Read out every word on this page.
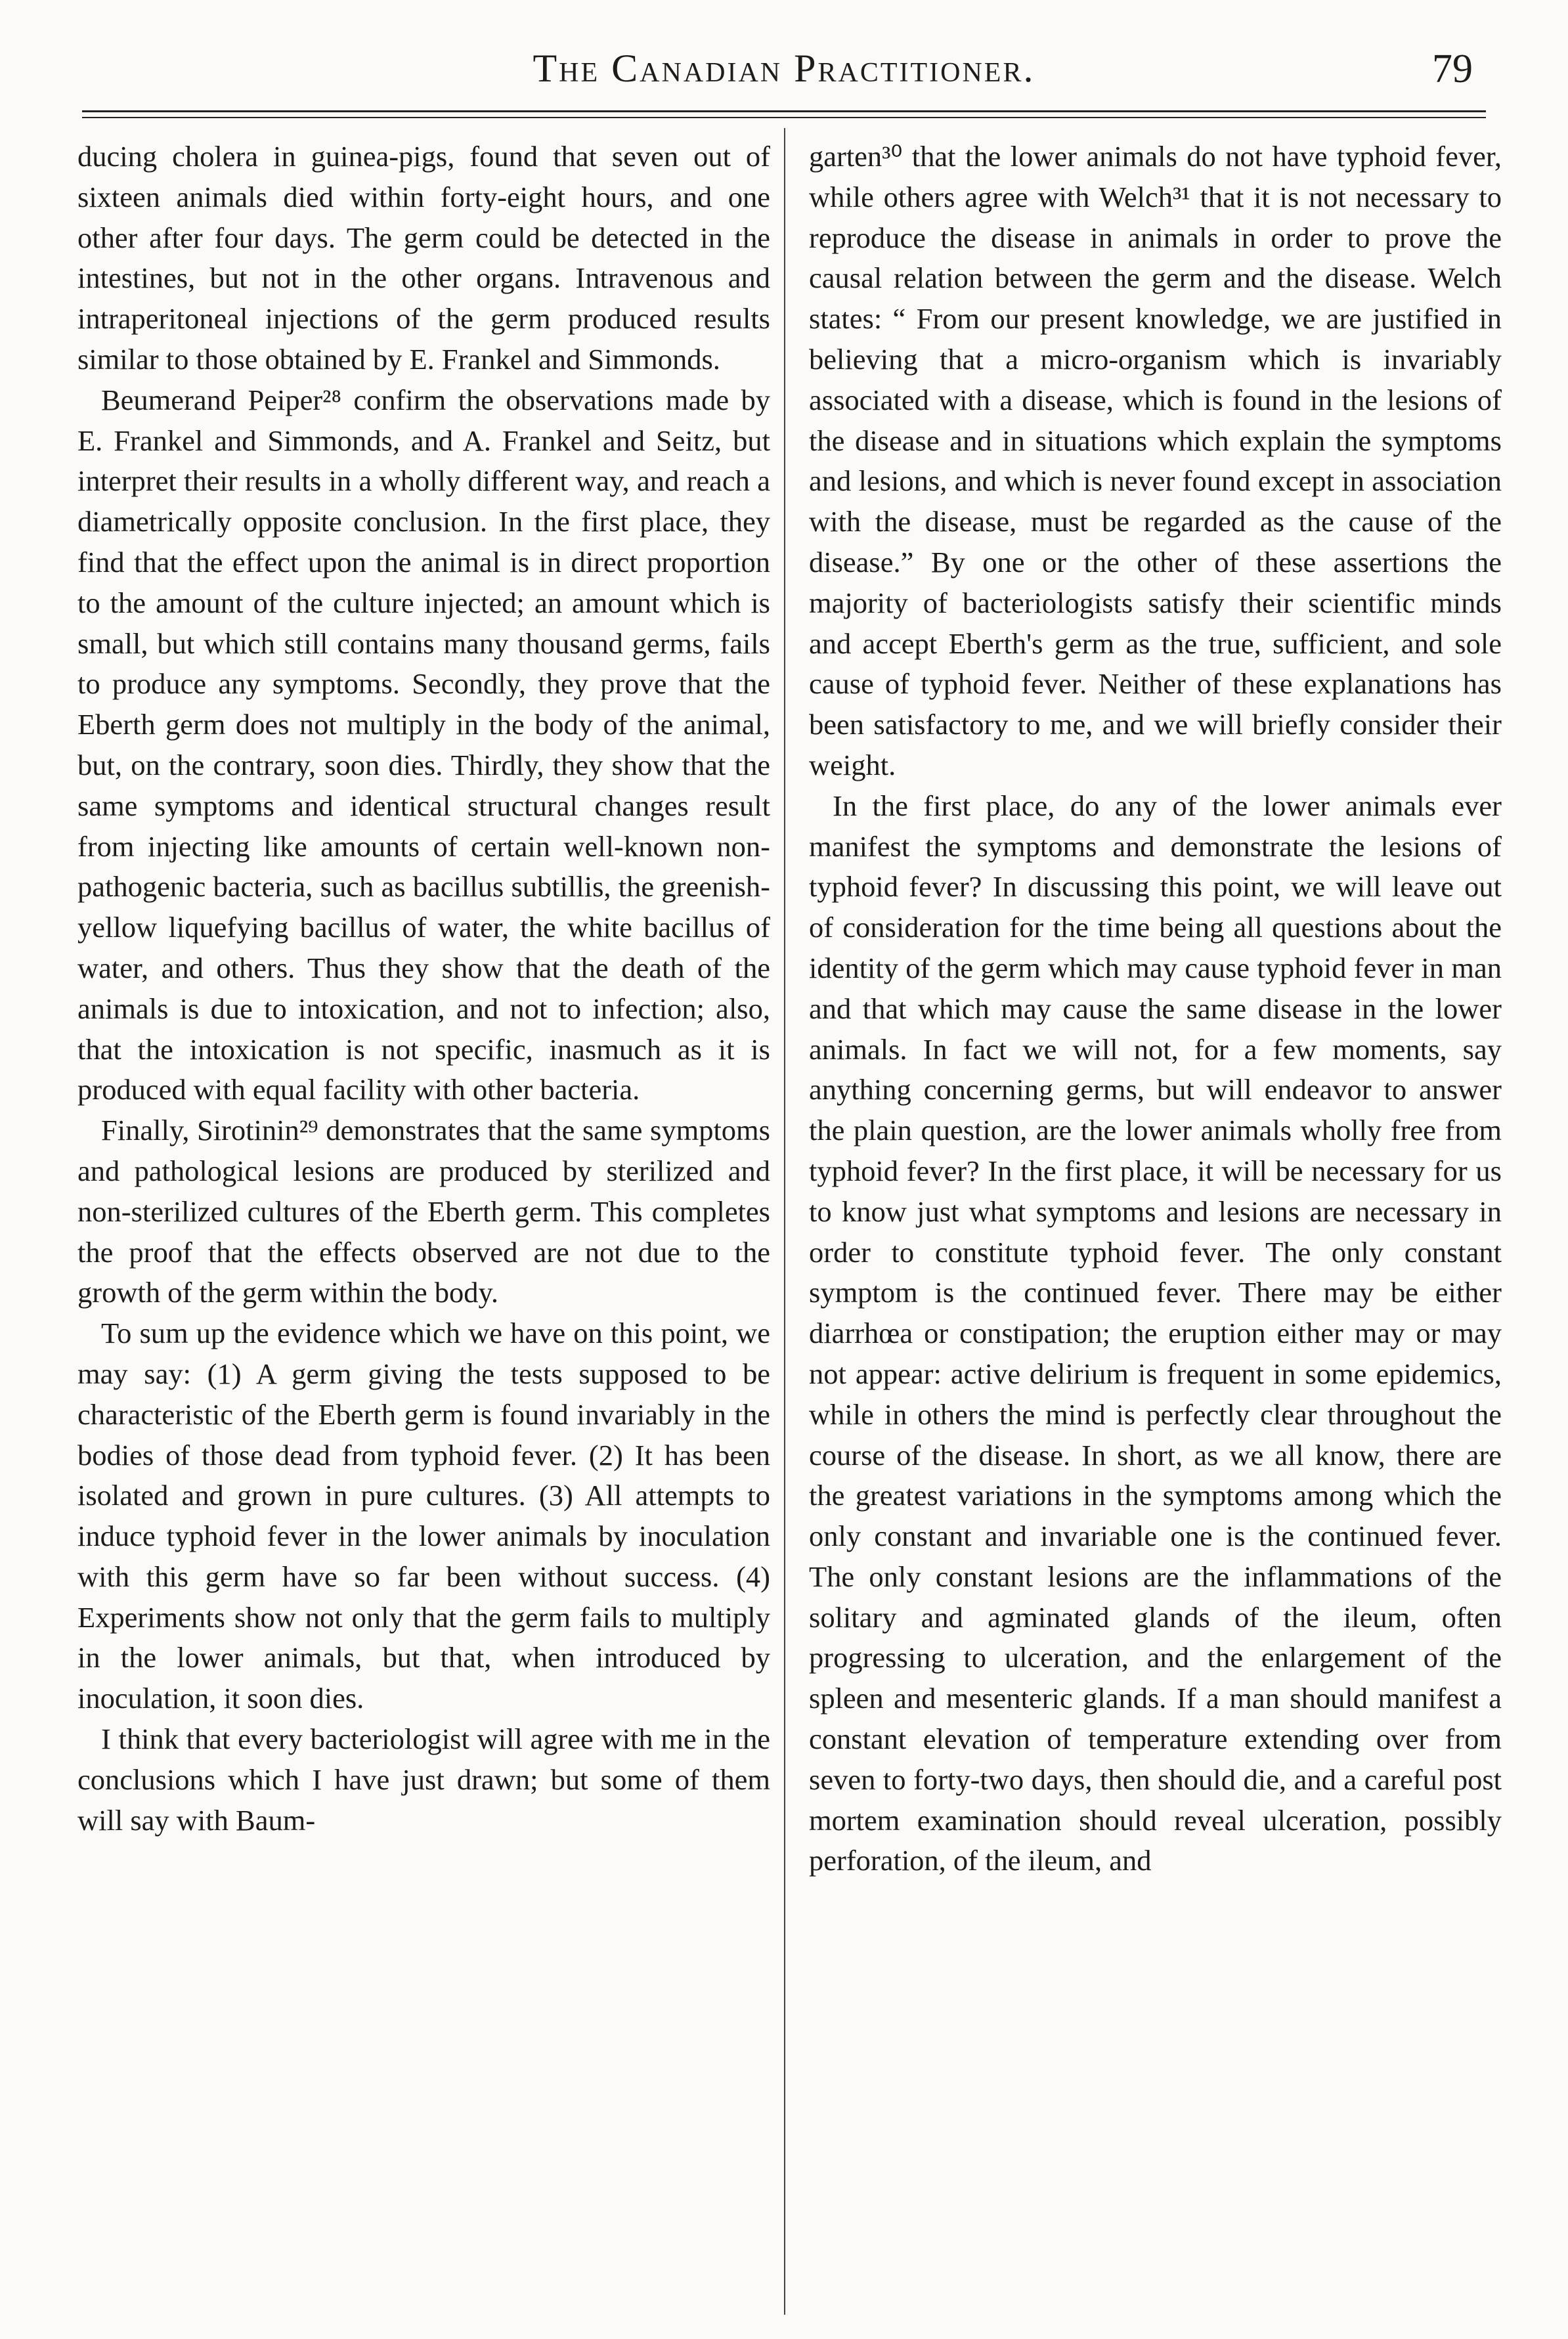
The Canadian Practitioner.	79

ducing cholera in guinea-pigs, found that seven out of sixteen animals died within forty-eight hours, and one other after four days. The germ could be detected in the intestines, but not in the other organs. Intravenous and intraperitoneal injections of the germ produced results similar to those obtained by E. Frankel and Simmonds.

Beumerand Peiper²⁸ confirm the observations made by E. Frankel and Simmonds, and A. Frankel and Seitz, but interpret their results in a wholly different way, and reach a diametrically opposite conclusion. In the first place, they find that the effect upon the animal is in direct proportion to the amount of the culture injected; an amount which is small, but which still contains many thousand germs, fails to produce any symptoms. Secondly, they prove that the Eberth germ does not multiply in the body of the animal, but, on the contrary, soon dies. Thirdly, they show that the same symptoms and identical structural changes result from injecting like amounts of certain well-known non-pathogenic bacteria, such as bacillus subtillis, the greenish-yellow liquefying bacillus of water, the white bacillus of water, and others. Thus they show that the death of the animals is due to intoxication, and not to infection; also, that the intoxication is not specific, inasmuch as it is produced with equal facility with other bacteria.

Finally, Sirotinin²⁹ demonstrates that the same symptoms and pathological lesions are produced by sterilized and non-sterilized cultures of the Eberth germ. This completes the proof that the effects observed are not due to the growth of the germ within the body.

To sum up the evidence which we have on this point, we may say: (1) A germ giving the tests supposed to be characteristic of the Eberth germ is found invariably in the bodies of those dead from typhoid fever. (2) It has been isolated and grown in pure cultures. (3) All attempts to induce typhoid fever in the lower animals by inoculation with this germ have so far been without success. (4) Experiments show not only that the germ fails to multiply in the lower animals, but that, when introduced by inoculation, it soon dies.

I think that every bacteriologist will agree with me in the conclusions which I have just drawn; but some of them will say with Baum-

garten³⁰ that the lower animals do not have typhoid fever, while others agree with Welch³¹ that it is not necessary to reproduce the disease in animals in order to prove the causal relation between the germ and the disease. Welch states: “ From our present knowledge, we are justified in believing that a micro-organism which is invariably associated with a disease, which is found in the lesions of the disease and in situations which explain the symptoms and lesions, and which is never found except in association with the disease, must be regarded as the cause of the disease.” By one or the other of these assertions the majority of bacteriologists satisfy their scientific minds and accept Eberth's germ as the true, sufficient, and sole cause of typhoid fever. Neither of these explanations has been satisfactory to me, and we will briefly consider their weight.

In the first place, do any of the lower animals ever manifest the symptoms and demonstrate the lesions of typhoid fever? In discussing this point, we will leave out of consideration for the time being all questions about the identity of the germ which may cause typhoid fever in man and that which may cause the same disease in the lower animals. In fact we will not, for a few moments, say anything concerning germs, but will endeavor to answer the plain question, are the lower animals wholly free from typhoid fever? In the first place, it will be necessary for us to know just what symptoms and lesions are necessary in order to constitute typhoid fever. The only constant symptom is the continued fever. There may be either diarrhœa or constipation; the eruption either may or may not appear: active delirium is frequent in some epidemics, while in others the mind is perfectly clear throughout the course of the disease. In short, as we all know, there are the greatest variations in the symptoms among which the only constant and invariable one is the continued fever. The only constant lesions are the inflammations of the solitary and agminated glands of the ileum, often progressing to ulceration, and the enlargement of the spleen and mesenteric glands. If a man should manifest a constant elevation of temperature extending over from seven to forty-two days, then should die, and a careful post mortem examination should reveal ulceration, possibly perforation, of the ileum, and
